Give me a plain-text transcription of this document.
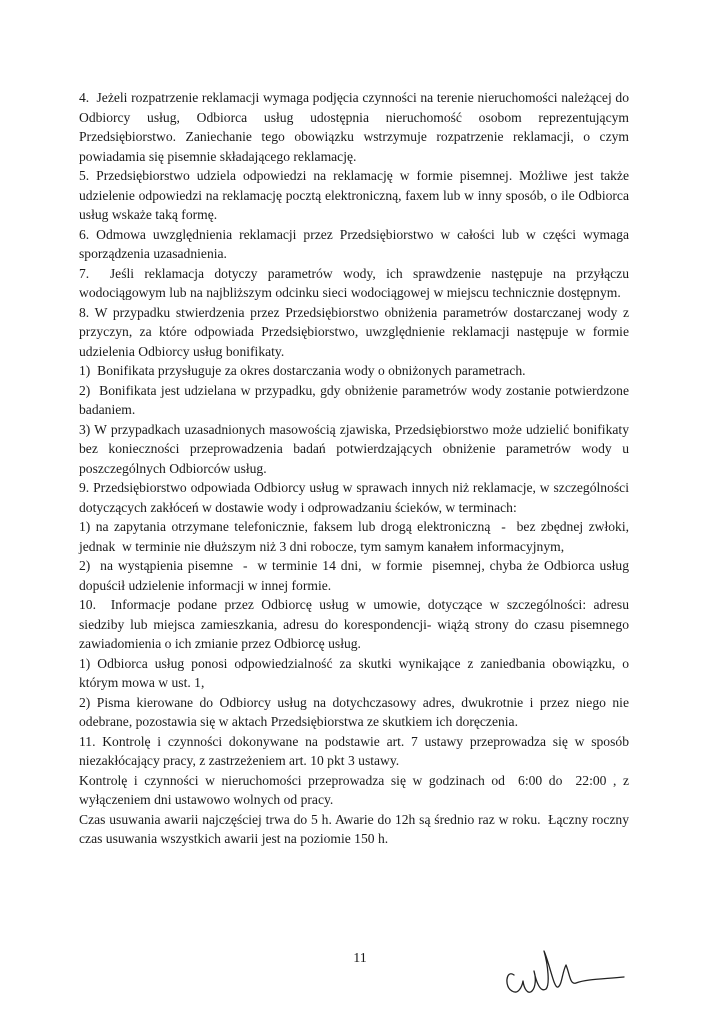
4.  Jeżeli rozpatrzenie reklamacji wymaga podjęcia czynności na terenie nieruchomości należącej do Odbiorcy usług, Odbiorca usług udostępnia nieruchomość osobom reprezentującym Przedsiębiorstwo. Zaniechanie tego obowiązku wstrzymuje rozpatrzenie reklamacji, o czym powiadamia się pisemnie składającego reklamację.

5. Przedsiębiorstwo udziela odpowiedzi na reklamację w formie pisemnej. Możliwe jest także udzielenie odpowiedzi na reklamację pocztą elektroniczną, faxem lub w inny sposób, o ile Odbiorca usług wskaże taką formę.

6. Odmowa uwzględnienia reklamacji przez Przedsiębiorstwo w całości lub w części wymaga sporządzenia uzasadnienia.

7.  Jeśli reklamacja dotyczy parametrów wody, ich sprawdzenie następuje na przyłączu wodociągowym lub na najbliższym odcinku sieci wodociągowej w miejscu technicznie dostępnym.

8. W przypadku stwierdzenia przez Przedsiębiorstwo obniżenia parametrów dostarczanej wody z przyczyn, za które odpowiada Przedsiębiorstwo, uwzględnienie reklamacji następuje w formie udzielenia Odbiorcy usług bonifikaty.

1)  Bonifikata przysługuje za okres dostarczania wody o obniżonych parametrach.

2)  Bonifikata jest udzielana w przypadku, gdy obniżenie parametrów wody zostanie potwierdzone badaniem.

3) W przypadkach uzasadnionych masowością zjawiska, Przedsiębiorstwo może udzielić bonifikaty bez konieczności przeprowadzenia badań potwierdzających obniżenie parametrów wody u poszczególnych Odbiorców usług.

9. Przedsiębiorstwo odpowiada Odbiorcy usług w sprawach innych niż reklamacje, w szczególności dotyczących zakłóceń w dostawie wody i odprowadzaniu ścieków, w terminach:

1) na zapytania otrzymane telefonicznie, faksem lub drogą elektroniczną  -  bez zbędnej zwłoki, jednak  w terminie nie dłuższym niż 3 dni robocze, tym samym kanałem informacyjnym,

2)  na wystąpienia pisemne  -  w terminie 14 dni,  w formie  pisemnej, chyba że Odbiorca usług dopuścił udzielenie informacji w innej formie.

10.  Informacje podane przez Odbiorcę usług w umowie, dotyczące w szczególności: adresu siedziby lub miejsca zamieszkania, adresu do korespondencji- wiążą strony do czasu pisemnego zawiadomienia o ich zmianie przez Odbiorcę usług.

1) Odbiorca usług ponosi odpowiedzialność za skutki wynikające z zaniedbania obowiązku, o którym mowa w ust. 1,

2) Pisma kierowane do Odbiorcy usług na dotychczasowy adres, dwukrotnie i przez niego nie odebrane, pozostawia się w aktach Przedsiębiorstwa ze skutkiem ich doręczenia.

11. Kontrolę i czynności dokonywane na podstawie art. 7 ustawy przeprowadza się w sposób niezakłócający pracy, z zastrzeżeniem art. 10 pkt 3 ustawy.

Kontrolę i czynności w nieruchomości przeprowadza się w godzinach od  6:00 do  22:00 , z wyłączeniem dni ustawowo wolnych od pracy.

Czas usuwania awarii najczęściej trwa do 5 h. Awarie do 12h są średnio raz w roku.  Łączny roczny czas usuwania wszystkich awarii jest na poziomie 150 h.

11
